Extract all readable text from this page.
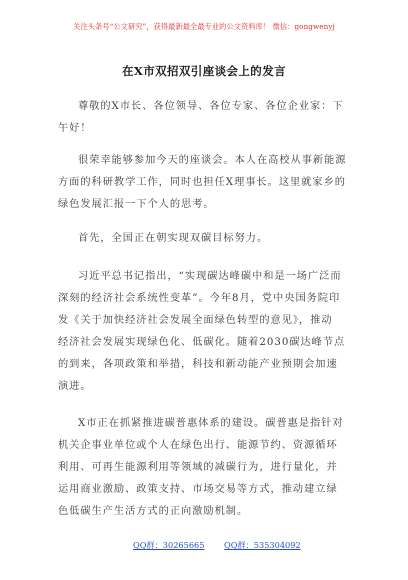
关注头条号“公文研究”，获得最新最全最专业的公文资料库！ 微信：gongwenyj
在X市双招双引座谈会上的发言
尊敬的X市长、各位领导、各位专家、各位企业家：下
午好！
很荣幸能够参加今天的座谈会。本人在高校从事新能源
方面的科研教学工作，同时也担任X理事长。这里就家乡的
绿色发展汇报一下个人的思考。
首先，全国正在朝实现双碳目标努力。
习近平总书记指出，“实现碳达峰碳中和是一场广泛而
深刻的经济社会系统性变革”。今年8月，党中央国务院印
发《关于加快经济社会发展全面绿色转型的意见》，推动
经济社会发展实现绿色化、低碳化。随着2030碳达峰节点
的到来，各项政策和举措，科技和新动能产业预期会加速
演进。
X市正在抓紧推进碳普惠体系的建设。碳普惠是指针对
机关企事业单位或个人在绿色出行、能源节约、资源循环
利用、可再生能源利用等领域的减碳行为，进行量化，并
运用商业激励、政策支持、市场交易等方式，推动建立绿
色低碳生产生活方式的正向激励机制。
QQ群：30265665 QQ群：535304092
